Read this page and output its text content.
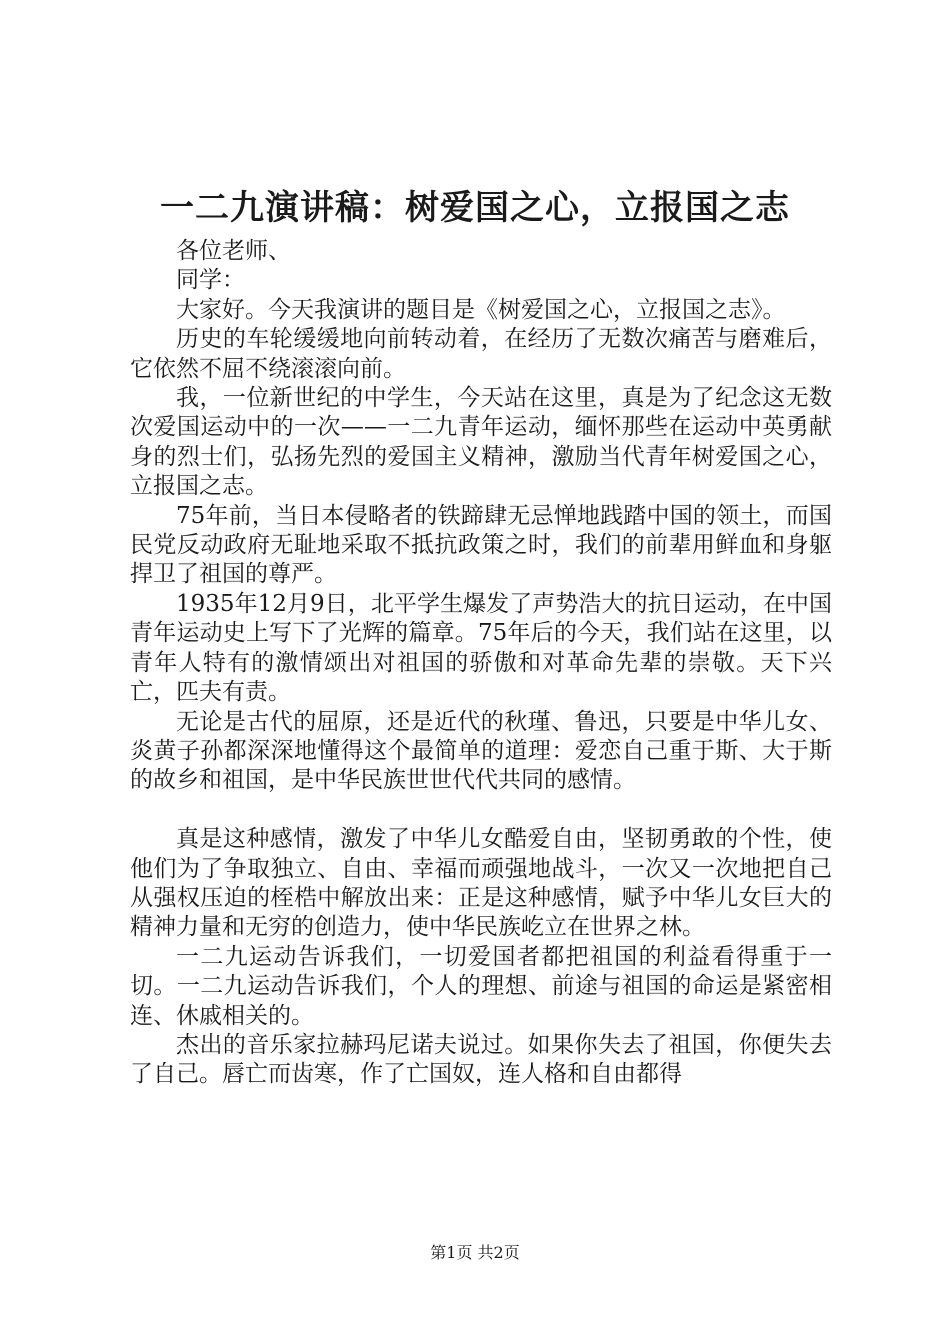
一二九演讲稿：树爱国之心，立报国之志

各位老师、

同学：

大家好。今天我演讲的题目是《树爱国之心，立报国之志》。

历史的车轮缓缓地向前转动着，在经历了无数次痛苦与磨难后，它依然不屈不绕滚滚向前。

我，一位新世纪的中学生，今天站在这里，真是为了纪念这无数次爱国运动中的一次——一二九青年运动，缅怀那些在运动中英勇献身的烈士们，弘扬先烈的爱国主义精神，激励当代青年树爱国之心，立报国之志。

75年前，当日本侵略者的铁蹄肆无忌惮地践踏中国的领土，而国民党反动政府无耻地采取不抵抗政策之时，我们的前辈用鲜血和身躯捍卫了祖国的尊严。

1935年12月9日，北平学生爆发了声势浩大的抗日运动，在中国青年运动史上写下了光辉的篇章。75年后的今天，我们站在这里，以青年人特有的激情颂出对祖国的骄傲和对革命先辈的崇敬。天下兴亡，匹夫有责。

无论是古代的屈原，还是近代的秋瑾、鲁迅，只要是中华儿女、炎黄子孙都深深地懂得这个最简单的道理：爱恋自己重于斯、大于斯的故乡和祖国，是中华民族世世代代共同的感情。

真是这种感情，激发了中华儿女酷爱自由，坚韧勇敢的个性，使他们为了争取独立、自由、幸福而顽强地战斗，一次又一次地把自己从强权压迫的桎梏中解放出来：正是这种感情，赋予中华儿女巨大的精神力量和无穷的创造力，使中华民族屹立在世界之林。

一二九运动告诉我们，一切爱国者都把祖国的利益看得重于一切。一二九运动告诉我们，个人的理想、前途与祖国的命运是紧密相连、休戚相关的。

杰出的音乐家拉赫玛尼诺夫说过。如果你失去了祖国，你便失去了自己。唇亡而齿寒，作了亡国奴，连人格和自由都得

第1页 共2页
